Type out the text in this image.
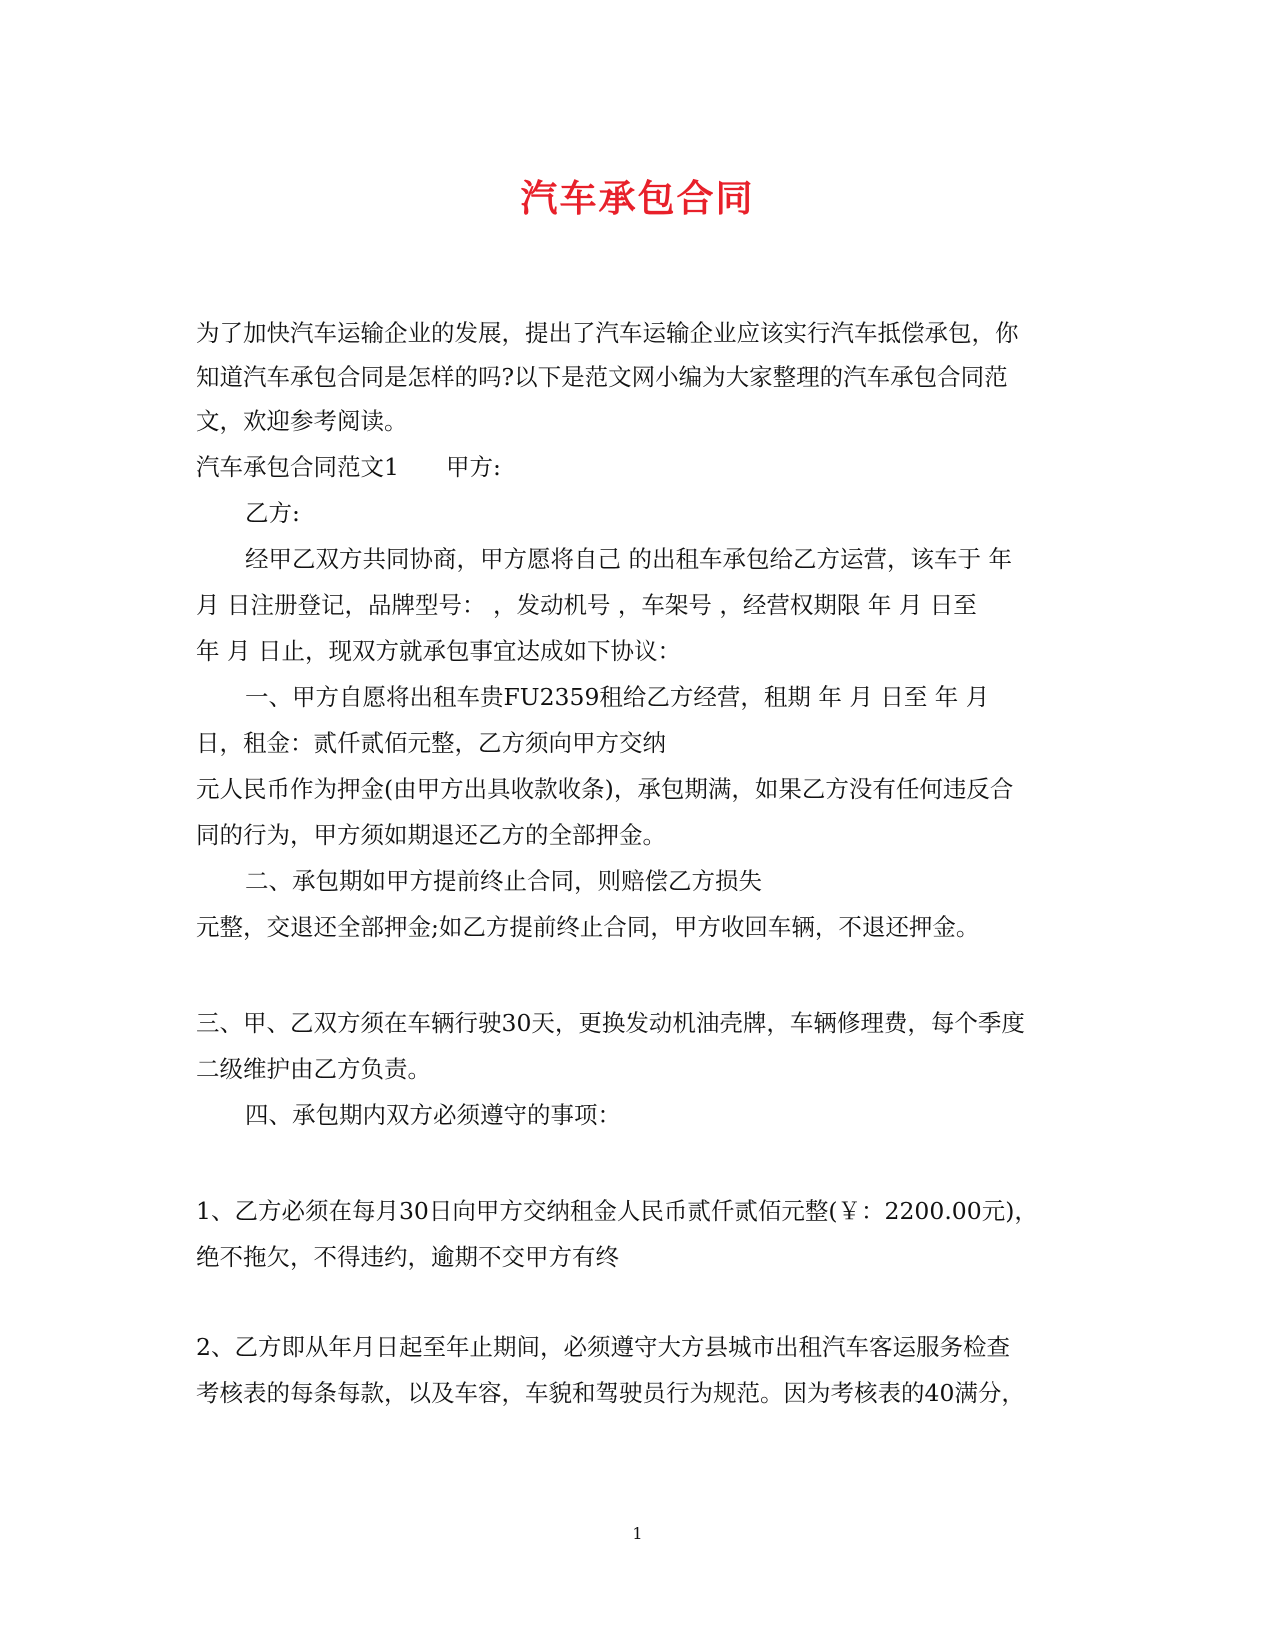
汽车承包合同
为了加快汽车运输企业的发展，提出了汽车运输企业应该实行汽车抵偿承包，你
知道汽车承包合同是怎样的吗?以下是范文网小编为大家整理的汽车承包合同范
文，欢迎参考阅读。
汽车承包合同范文1　　甲方:
乙方:
经甲乙双方共同协商，甲方愿将自己 的出租车承包给乙方运营，该车于 年
月 日注册登记，品牌型号： ，发动机号 ，车架号 ，经营权期限 年 月 日至
年 月 日止，现双方就承包事宜达成如下协议：
一、甲方自愿将出租车贵FU2359租给乙方经营，租期 年 月 日至 年 月
日，租金：贰仟贰佰元整，乙方须向甲方交纳
元人民币作为押金(由甲方出具收款收条)，承包期满，如果乙方没有任何违反合
同的行为，甲方须如期退还乙方的全部押金。
二、承包期如甲方提前终止合同，则赔偿乙方损失
元整，交退还全部押金;如乙方提前终止合同，甲方收回车辆，不退还押金。
三、甲、乙双方须在车辆行驶30天，更换发动机油壳牌，车辆修理费，每个季度
二级维护由乙方负责。
四、承包期内双方必须遵守的事项：
1、乙方必须在每月30日向甲方交纳租金人民币贰仟贰佰元整(￥：2200.00元)，
绝不拖欠，不得违约，逾期不交甲方有终
2、乙方即从年月日起至年止期间，必须遵守大方县城市出租汽车客运服务检查
考核表的每条每款，以及车容，车貌和驾驶员行为规范。因为考核表的40满分，
1
